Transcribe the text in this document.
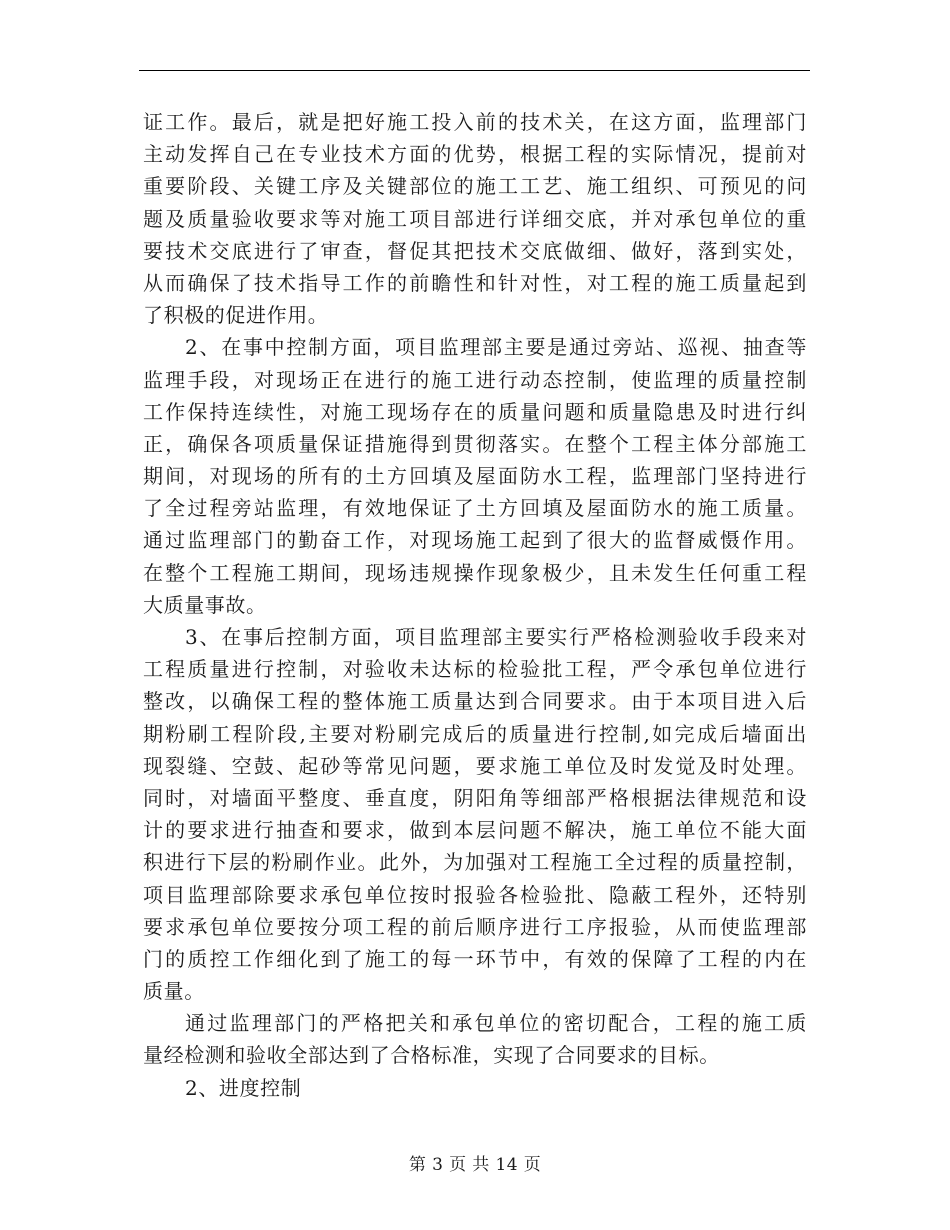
证工作。最后，就是把好施工投入前的技术关，在这方面，监理部门
主动发挥自己在专业技术方面的优势，根据工程的实际情况，提前对
重要阶段、关键工序及关键部位的施工工艺、施工组织、可预见的问
题及质量验收要求等对施工项目部进行详细交底，并对承包单位的重
要技术交底进行了审查，督促其把技术交底做细、做好，落到实处，
从而确保了技术指导工作的前瞻性和针对性，对工程的施工质量起到
了积极的促进作用。
2、在事中控制方面，项目监理部主要是通过旁站、巡视、抽查等
监理手段，对现场正在进行的施工进行动态控制，使监理的质量控制
工作保持连续性，对施工现场存在的质量问题和质量隐患及时进行纠
正，确保各项质量保证措施得到贯彻落实。在整个工程主体分部施工
期间，对现场的所有的土方回填及屋面防水工程，监理部门坚持进行
了全过程旁站监理，有效地保证了土方回填及屋面防水的施工质量。
通过监理部门的勤奋工作，对现场施工起到了很大的监督威慑作用。
在整个工程施工期间，现场违规操作现象极少，且未发生任何重工程
大质量事故。
3、在事后控制方面，项目监理部主要实行严格检测验收手段来对
工程质量进行控制，对验收未达标的检验批工程，严令承包单位进行
整改，以确保工程的整体施工质量达到合同要求。由于本项目进入后
期粉刷工程阶段,主要对粉刷完成后的质量进行控制,如完成后墙面出
现裂缝、空鼓、起砂等常见问题，要求施工单位及时发觉及时处理。
同时，对墙面平整度、垂直度，阴阳角等细部严格根据法律规范和设
计的要求进行抽查和要求，做到本层问题不解决，施工单位不能大面
积进行下层的粉刷作业。此外，为加强对工程施工全过程的质量控制，
项目监理部除要求承包单位按时报验各检验批、隐蔽工程外，还特别
要求承包单位要按分项工程的前后顺序进行工序报验，从而使监理部
门的质控工作细化到了施工的每一环节中，有效的保障了工程的内在
质量。
通过监理部门的严格把关和承包单位的密切配合，工程的施工质
量经检测和验收全部达到了合格标准，实现了合同要求的目标。
2、进度控制
第 3 页 共 14 页
